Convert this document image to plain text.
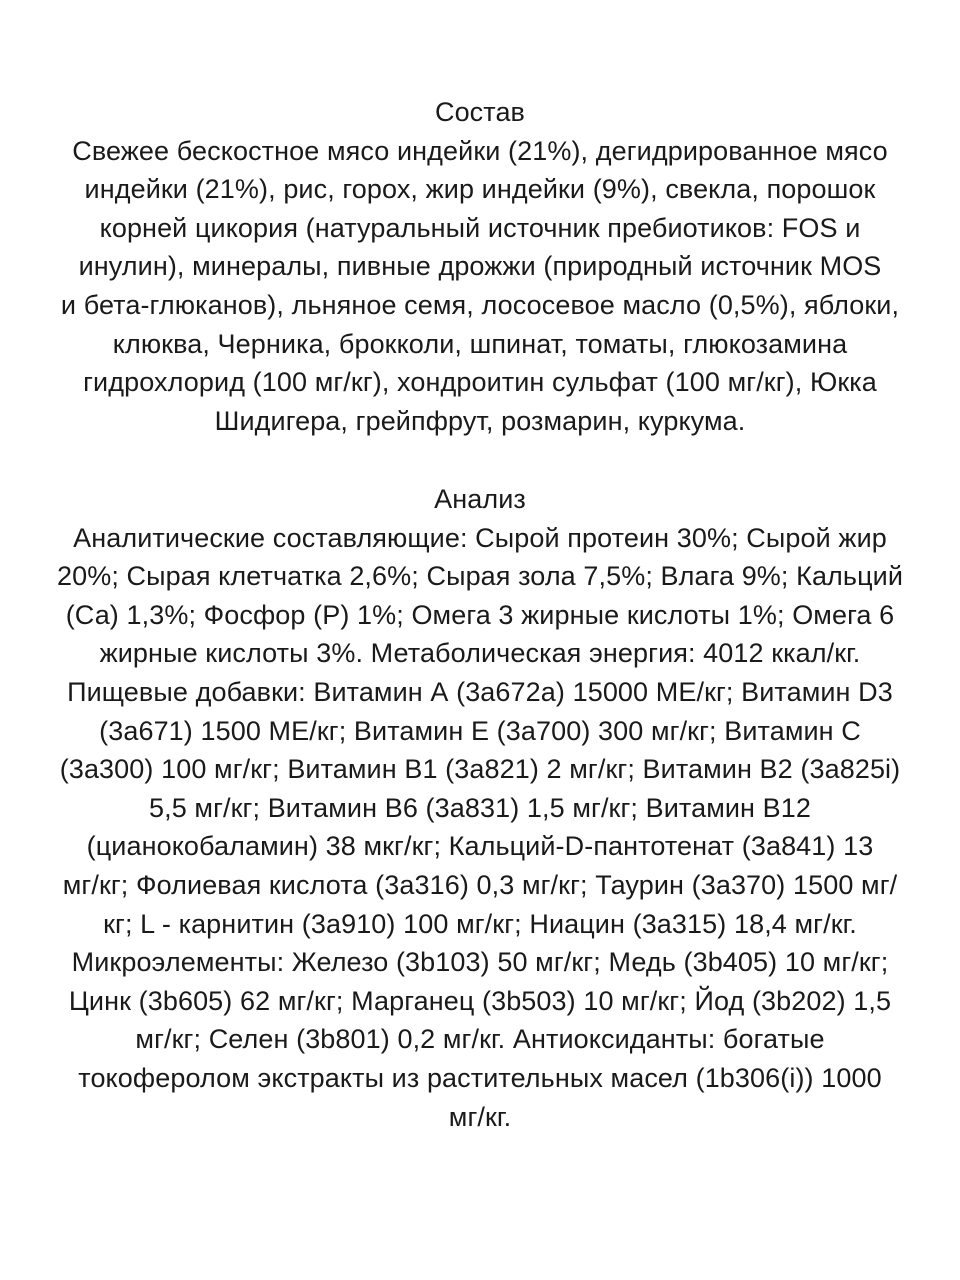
Состав
Свежее бескостное мясо индейки (21%), дегидрированное мясо
индейки (21%), рис, горох, жир индейки (9%), свекла, порошок
корней цикория (натуральный источник пребиотиков: FOS и
инулин), минералы, пивные дрожжи (природный источник MOS
и бета-глюканов), льняное семя, лососевое масло (0,5%), яблоки,
клюква, Черника, брокколи, шпинат, томаты, глюкозамина
гидрохлорид (100 мг/кг), хондроитин сульфат (100 мг/кг), Юкка
Шидигера, грейпфрут, розмарин, куркума.
Анализ
Аналитические составляющие: Сырой протеин 30%; Сырой жир
20%; Сырая клетчатка 2,6%; Сырая зола 7,5%; Влага 9%; Кальций
(Са) 1,3%; Фосфор (Р) 1%; Омега 3 жирные кислоты 1%; Омега 6
жирные кислоты 3%. Метаболическая энергия: 4012 ккал/кг.
Пищевые добавки: Витамин А (3a672a) 15000 МЕ/кг; Витамин D3
(3a671) 1500 МЕ/кг; Витамин Е (3a700) 300 мг/кг; Витамин С
(3a300) 100 мг/кг; Витамин В1 (3a821) 2 мг/кг; Витамин В2 (3a825i)
5,5 мг/кг; Витамин В6 (3a831) 1,5 мг/кг; Витамин В12
(цианокобаламин) 38 мкг/кг; Кальций-D-пантотенат (3a841) 13
мг/кг; Фолиевая кислота (3a316) 0,3 мг/кг; Таурин (3a370) 1500 мг/
кг; L - карнитин (3a910) 100 мг/кг; Ниацин (3a315) 18,4 мг/кг.
Микроэлементы: Железо (3b103) 50 мг/кг; Медь (3b405) 10 мг/кг;
Цинк (3b605) 62 мг/кг; Марганец (3b503) 10 мг/кг; Йод (3b202) 1,5
мг/кг; Селен (3b801) 0,2 мг/кг. Антиоксиданты: богатые
токоферолом экстракты из растительных масел (1b306(i)) 1000
мг/кг.
